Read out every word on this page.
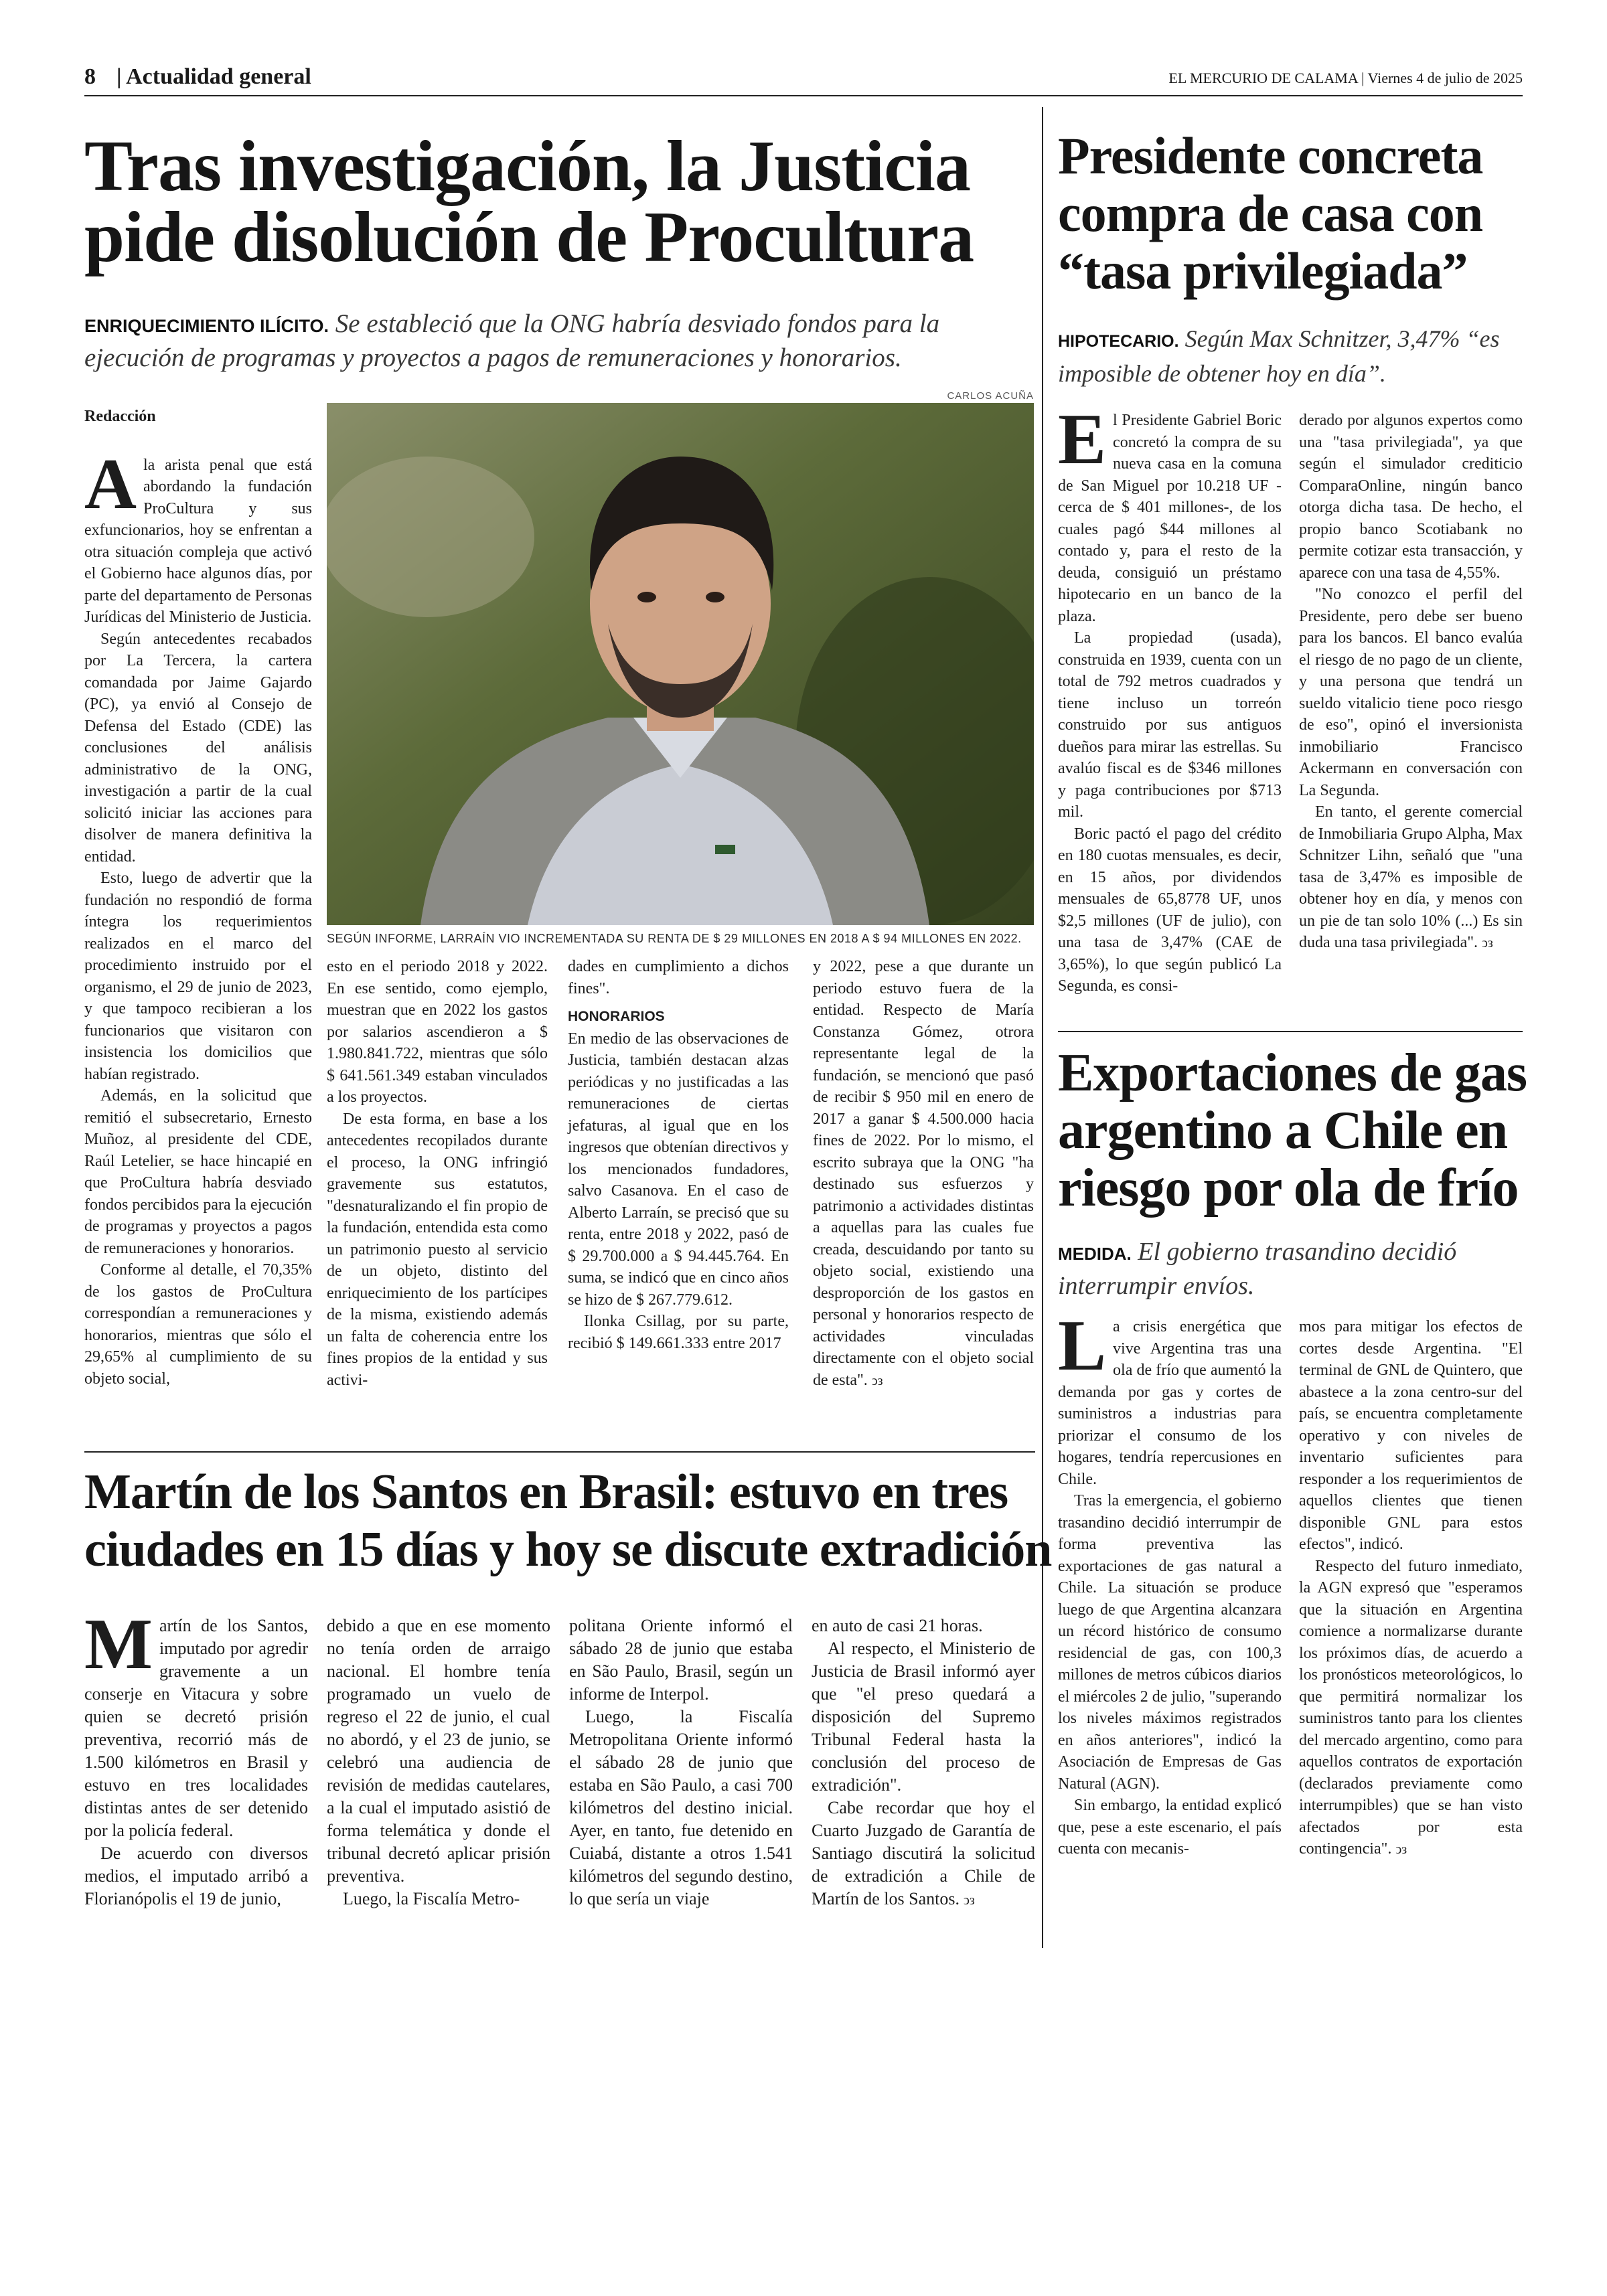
8 | Actualidad general	EL MERCURIO DE CALAMA | Viernes 4 de julio de 2025
Tras investigación, la Justicia
pide disolución de Procultura
ENRIQUECIMIENTO ILÍCITO. Se estableció que la ONG habría desviado fondos para la ejecución de programas y proyectos a pagos de remuneraciones y honorarios.

Redacción

Ala arista penal que está abordando la fundación ProCultura y sus exfuncionarios, hoy se enfrentan a otra situación compleja que activó el Gobierno hace algunos días, por parte del departamento de Personas Jurídicas del Ministerio de Justicia.

Según antecedentes recabados por La Tercera, la cartera comandada por Jaime Gajardo (PC), ya envió al Consejo de Defensa del Estado (CDE) las conclusiones del análisis administrativo de la ONG, investigación a partir de la cual solicitó iniciar las acciones para disolver de manera definitiva la entidad.

Esto, luego de advertir que la fundación no respondió de forma íntegra los requerimientos realizados en el marco del procedimiento instruido por el organismo, el 29 de junio de 2023, y que tampoco recibieran a los funcionarios que visitaron con insistencia los domicilios que habían registrado.

Además, en la solicitud que remitió el subsecretario, Ernesto Muñoz, al presidente del CDE, Raúl Letelier, se hace hincapié en que ProCultura habría desviado fondos percibidos para la ejecución de programas y proyectos a pagos de remuneraciones y honorarios.

Conforme al detalle, el 70,35% de los gastos de ProCultura correspondían a remuneraciones y honorarios, mientras que sólo el 29,65% al cumplimiento de su objeto social,

CARLOS ACUÑA
SEGÚN INFORME, LARRAÍN VIO INCREMENTADA SU RENTA DE $ 29 MILLONES EN 2018 A $ 94 MILLONES EN 2022.

esto en el periodo 2018 y 2022. En ese sentido, como ejemplo, muestran que en 2022 los gastos por salarios ascendieron a $ 1.980.841.722, mientras que sólo $ 641.561.349 estaban vinculados a los proyectos.

De esta forma, en base a los antecedentes recopilados durante el proceso, la ONG infringió gravemente sus estatutos, "desnaturalizando el fin propio de la fundación, entendida esta como un patrimonio puesto al servicio de un objeto, distinto del enriquecimiento de los partícipes de la misma, existiendo además un falta de coherencia entre los fines propios de la entidad y sus activi-

dades en cumplimiento a dichos fines".

HONORARIOS

En medio de las observaciones de Justicia, también destacan alzas periódicas y no justificadas a las remuneraciones de ciertas jefaturas, al igual que en los ingresos que obtenían directivos y los mencionados fundadores, salvo Casanova. En el caso de Alberto Larraín, se precisó que su renta, entre 2018 y 2022, pasó de $ 29.700.000 a $ 94.445.764. En suma, se indicó que en cinco años se hizo de $ 267.779.612.

Ilonka Csillag, por su parte, recibió $ 149.661.333 entre 2017

y 2022, pese a que durante un periodo estuvo fuera de la entidad. Respecto de María Constanza Gómez, otrora representante legal de la fundación, se mencionó que pasó de recibir $ 950 mil en enero de 2017 a ganar $ 4.500.000 hacia fines de 2022. Por lo mismo, el escrito subraya que la ONG "ha destinado sus esfuerzos y patrimonio a actividades distintas a aquellas para las cuales fue creada, descuidando por tanto su objeto social, existiendo una desproporción de los gastos en personal y honorarios respecto de actividades vinculadas directamente con el objeto social de esta". ↄз

Martín de los Santos en Brasil: estuvo en tres
ciudades en 15 días y hoy se discute extradición

Martín de los Santos, imputado por agredir gravemente a un conserje en Vitacura y sobre quien se decretó prisión preventiva, recorrió más de 1.500 kilómetros en Brasil y estuvo en tres localidades distintas antes de ser detenido por la policía federal.

De acuerdo con diversos medios, el imputado arribó a Florianópolis el 19 de junio,

debido a que en ese momento no tenía orden de arraigo nacional. El hombre tenía programado un vuelo de regreso el 22 de junio, el cual no abordó, y el 23 de junio, se celebró una audiencia de revisión de medidas cautelares, a la cual el imputado asistió de forma telemática y donde el tribunal decretó aplicar prisión preventiva.

Luego, la Fiscalía Metro-

politana Oriente informó el sábado 28 de junio que estaba en São Paulo, Brasil, según un informe de Interpol.

Luego, la Fiscalía Metropolitana Oriente informó el sábado 28 de junio que estaba en São Paulo, a casi 700 kilómetros del destino inicial. Ayer, en tanto, fue detenido en Cuiabá, distante a otros 1.541 kilómetros del segundo destino, lo que sería un viaje

en auto de casi 21 horas.

Al respecto, el Ministerio de Justicia de Brasil informó ayer que "el preso quedará a disposición del Supremo Tribunal Federal hasta la conclusión del proceso de extradición".

Cabe recordar que hoy el Cuarto Juzgado de Garantía de Santiago discutirá la solicitud de extradición a Chile de Martín de los Santos. ↄз

Presidente concreta
compra de casa con
“tasa privilegiada”
HIPOTECARIO. Según Max Schnitzer, 3,47% “es imposible de obtener hoy en día”.

El Presidente Gabriel Boric concretó la compra de su nueva casa en la comuna de San Miguel por 10.218 UF -cerca de $ 401 millones-, de los cuales pagó $44 millones al contado y, para el resto de la deuda, consiguió un préstamo hipotecario en un banco de la plaza.

La propiedad (usada), construida en 1939, cuenta con un total de 792 metros cuadrados y tiene incluso un torreón construido por sus antiguos dueños para mirar las estrellas. Su avalúo fiscal es de $346 millones y paga contribuciones por $713 mil.

Boric pactó el pago del crédito en 180 cuotas mensuales, es decir, en 15 años, por dividendos mensuales de 65,8778 UF, unos $2,5 millones (UF de julio), con una tasa de 3,47% (CAE de 3,65%), lo que según publicó La Segunda, es consi-

derado por algunos expertos como una "tasa privilegiada", ya que según el simulador crediticio ComparaOnline, ningún banco otorga dicha tasa. De hecho, el propio banco Scotiabank no permite cotizar esta transacción, y aparece con una tasa de 4,55%.

"No conozco el perfil del Presidente, pero debe ser bueno para los bancos. El banco evalúa el riesgo de no pago de un cliente, y una persona que tendrá un sueldo vitalicio tiene poco riesgo de eso", opinó el inversionista inmobiliario Francisco Ackermann en conversación con La Segunda.

En tanto, el gerente comercial de Inmobiliaria Grupo Alpha, Max Schnitzer Lihn, señaló que "una tasa de 3,47% es imposible de obtener hoy en día, y menos con un pie de tan solo 10% (...) Es sin duda una tasa privilegiada". ↄз

Exportaciones de gas
argentino a Chile en
riesgo por ola de frío
MEDIDA. El gobierno trasandino decidió interrumpir envíos.

La crisis energética que vive Argentina tras una ola de frío que aumentó la demanda por gas y cortes de suministros a industrias para priorizar el consumo de los hogares, tendría repercusiones en Chile.

Tras la emergencia, el gobierno trasandino decidió interrumpir de forma preventiva las exportaciones de gas natural a Chile. La situación se produce luego de que Argentina alcanzara un récord histórico de consumo residencial de gas, con 100,3 millones de metros cúbicos diarios el miércoles 2 de julio, "superando los niveles máximos registrados en años anteriores", indicó la Asociación de Empresas de Gas Natural (AGN).

Sin embargo, la entidad explicó que, pese a este escenario, el país cuenta con mecanis-

mos para mitigar los efectos de cortes desde Argentina. "El terminal de GNL de Quintero, que abastece a la zona centro-sur del país, se encuentra completamente operativo y con niveles de inventario suficientes para responder a los requerimientos de aquellos clientes que tienen disponible GNL para estos efectos", indicó.

Respecto del futuro inmediato, la AGN expresó que "esperamos que la situación en Argentina comience a normalizarse durante los próximos días, de acuerdo a los pronósticos meteorológicos, lo que permitirá normalizar los suministros tanto para los clientes del mercado argentino, como para aquellos contratos de exportación (declarados previamente como interrumpibles) que se han visto afectados por esta contingencia". ↄз
